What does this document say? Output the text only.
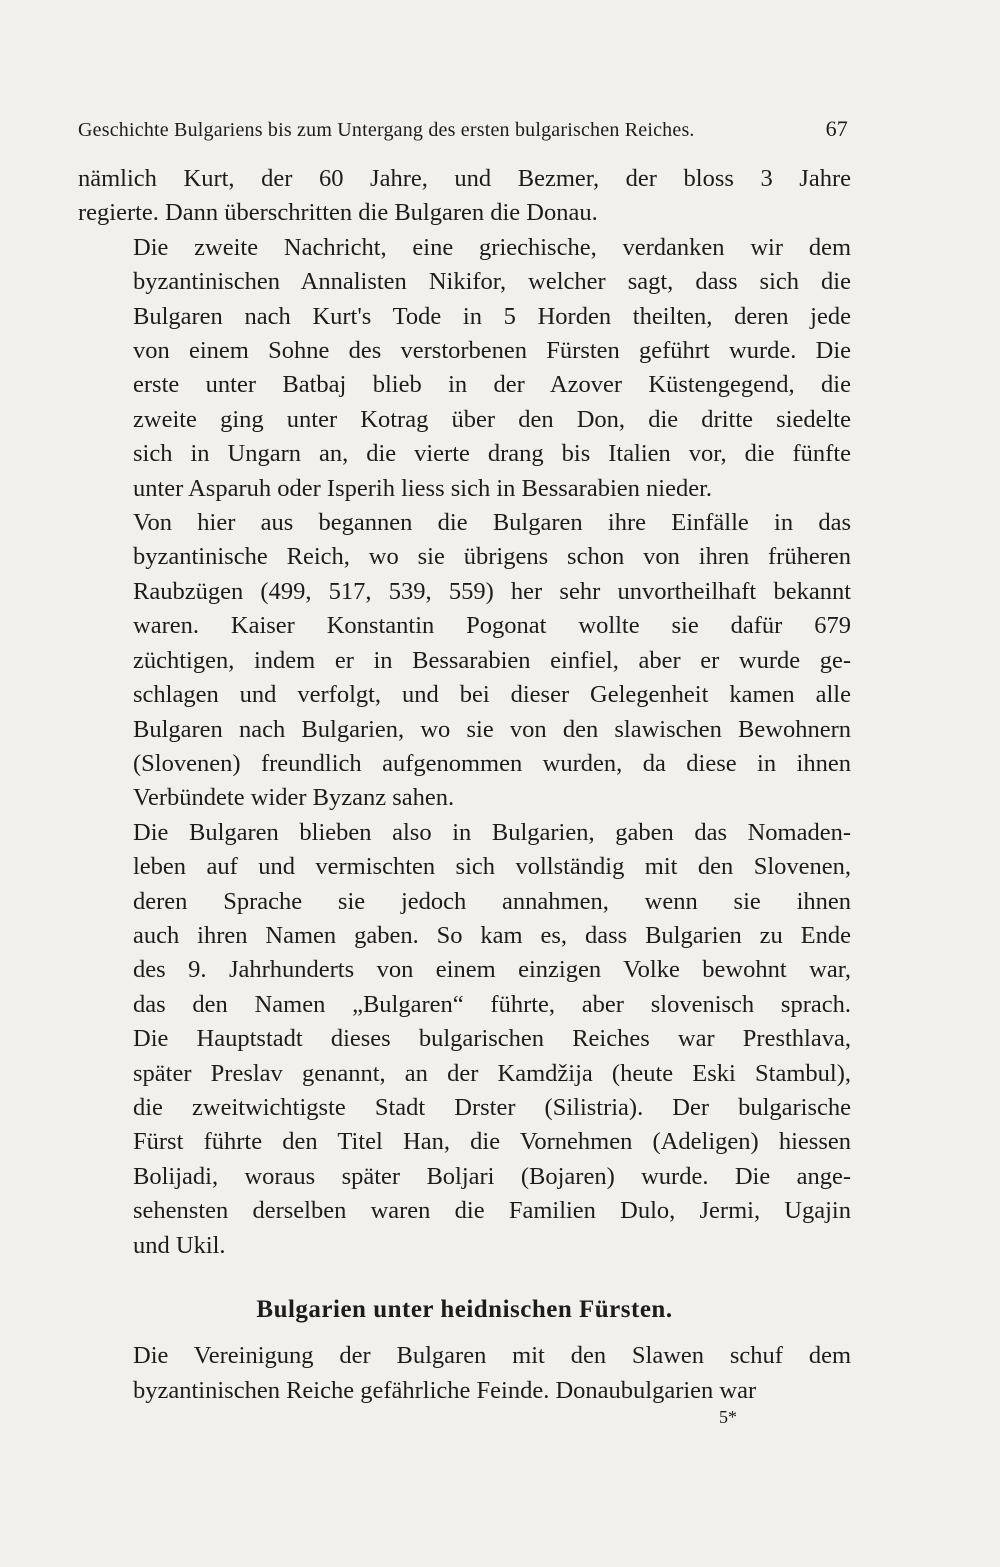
Geschichte Bulgariens bis zum Untergang des ersten bulgarischen Reiches.	67

nämlich Kurt, der 60 Jahre, und Bezmer, der bloss 3 Jahre
regierte. Dann überschritten die Bulgaren die Donau.

Die zweite Nachricht, eine griechische, verdanken wir dem
byzantinischen Annalisten Nikifor, welcher sagt, dass sich die
Bulgaren nach Kurt's Tode in 5 Horden theilten, deren jede
von einem Sohne des verstorbenen Fürsten geführt wurde. Die
erste unter Batbaj blieb in der Azover Küstengegend, die
zweite ging unter Kotrag über den Don, die dritte siedelte
sich in Ungarn an, die vierte drang bis Italien vor, die fünfte
unter Asparuh oder Isperih liess sich in Bessarabien nieder.

Von hier aus begannen die Bulgaren ihre Einfälle in das
byzantinische Reich, wo sie übrigens schon von ihren früheren
Raubzügen (499, 517, 539, 559) her sehr unvortheilhaft bekannt
waren. Kaiser Konstantin Pogonat wollte sie dafür 679
züchtigen, indem er in Bessarabien einfiel, aber er wurde ge-
schlagen und verfolgt, und bei dieser Gelegenheit kamen alle
Bulgaren nach Bulgarien, wo sie von den slawischen Bewohnern
(Slovenen) freundlich aufgenommen wurden, da diese in ihnen
Verbündete wider Byzanz sahen.

Die Bulgaren blieben also in Bulgarien, gaben das Nomaden-
leben auf und vermischten sich vollständig mit den Slovenen,
deren Sprache sie jedoch annahmen, wenn sie ihnen
auch ihren Namen gaben. So kam es, dass Bulgarien zu Ende
des 9. Jahrhunderts von einem einzigen Volke bewohnt war,
das den Namen „Bulgaren“ führte, aber slovenisch sprach.
Die Hauptstadt dieses bulgarischen Reiches war Presthlava,
später Preslav genannt, an der Kamdžija (heute Eski Stambul),
die zweitwichtigste Stadt Drster (Silistria). Der bulgarische
Fürst führte den Titel Han, die Vornehmen (Adeligen) hiessen
Bolijadi, woraus später Boljari (Bojaren) wurde. Die ange-
sehensten derselben waren die Familien Dulo, Jermi, Ugajin
und Ukil.

Bulgarien unter heidnischen Fürsten.

Die Vereinigung der Bulgaren mit den Slawen schuf dem
byzantinischen Reiche gefährliche Feinde. Donaubulgarien war

5*
